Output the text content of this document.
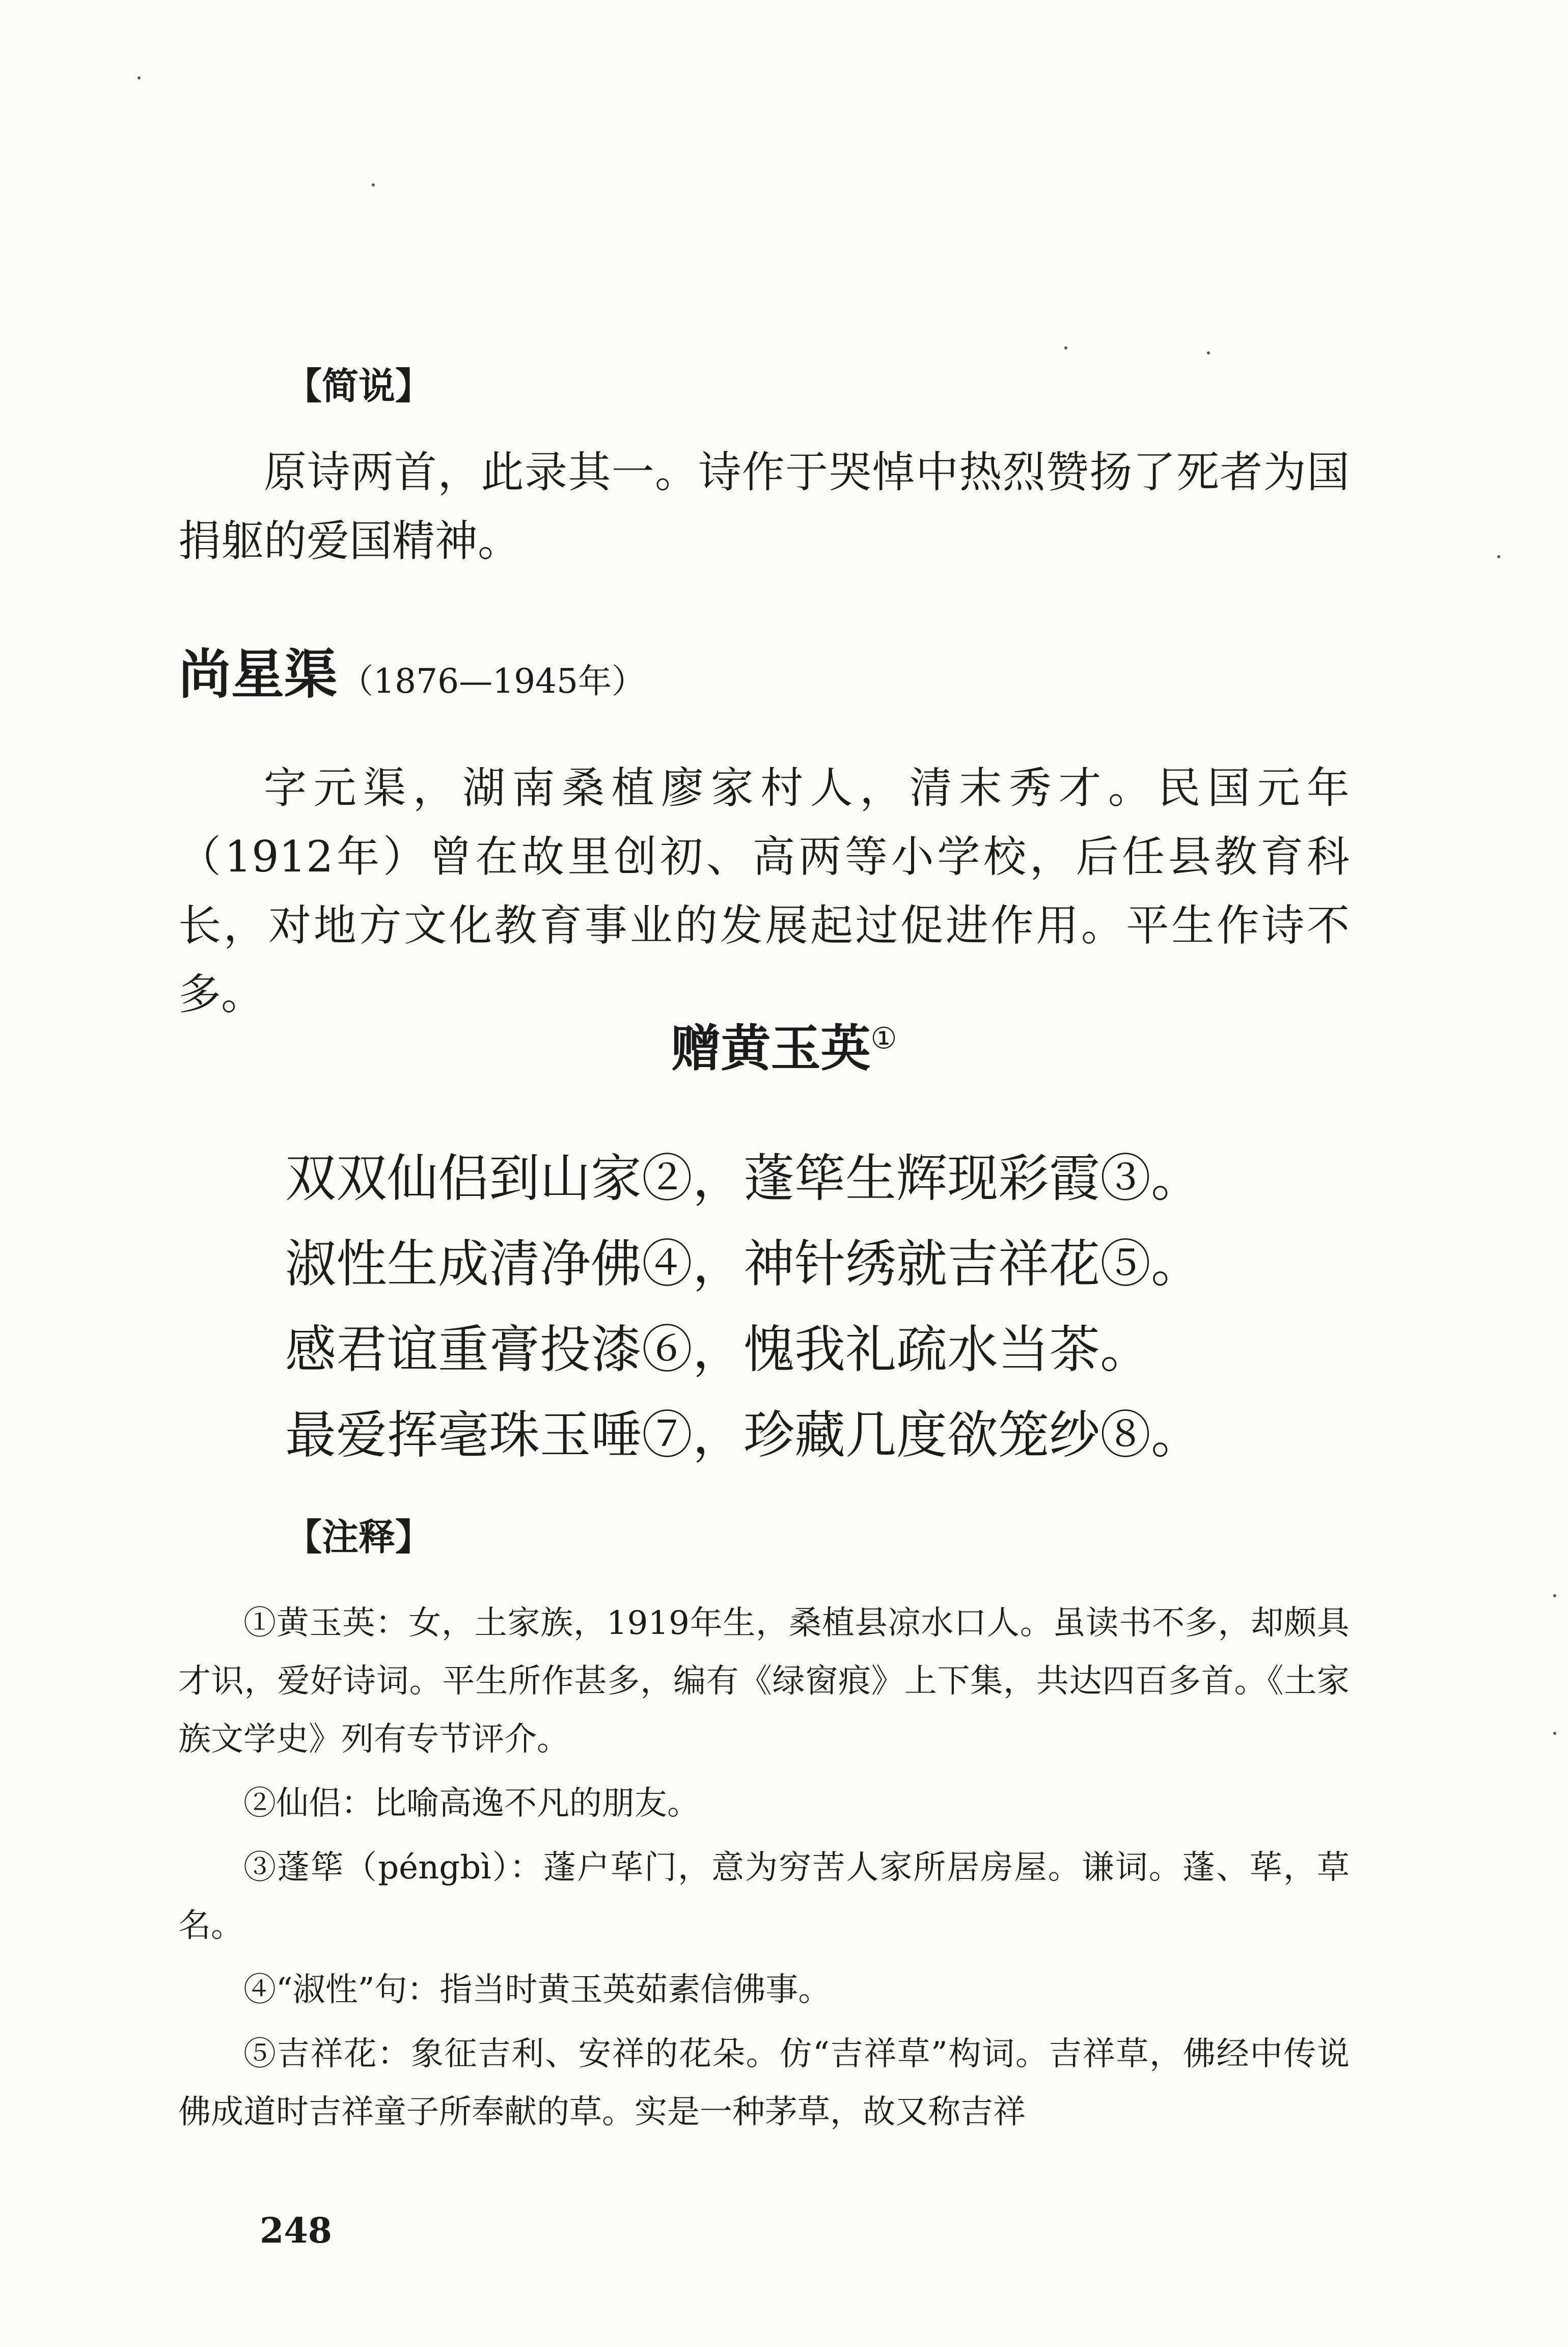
【简说】

原诗两首，此录其一。诗作于哭悼中热烈赞扬了死者为国捐躯的爱国精神。

尚星渠 （1876—1945年）

字元渠，湖南桑植廖家村人，清末秀才。民国元年（1912年）曾在故里创初、高两等小学校，后任县教育科长，对地方文化教育事业的发展起过促进作用。平生作诗不多。

赠黄玉英①
双双仙侣到山家②，蓬筚生辉现彩霞③。
淑性生成清净佛④，神针绣就吉祥花⑤。
感君谊重膏投漆⑥，愧我礼疏水当茶。
最爱挥毫珠玉唾⑦，珍藏几度欲笼纱⑧。
【注释】

①黄玉英：女，土家族，1919年生，桑植县凉水口人。虽读书不多，却颇具才识，爱好诗词。平生所作甚多，编有《绿窗痕》上下集，共达四百多首。《土家族文学史》列有专节评介。

②仙侣：比喻高逸不凡的朋友。

③蓬筚（péngbì）：蓬户荜门，意为穷苦人家所居房屋。谦词。蓬、荜，草名。

④“淑性”句：指当时黄玉英茹素信佛事。

⑤吉祥花：象征吉利、安祥的花朵。仿“吉祥草”构词。吉祥草，佛经中传说佛成道时吉祥童子所奉献的草。实是一种茅草，故又称吉祥

248
